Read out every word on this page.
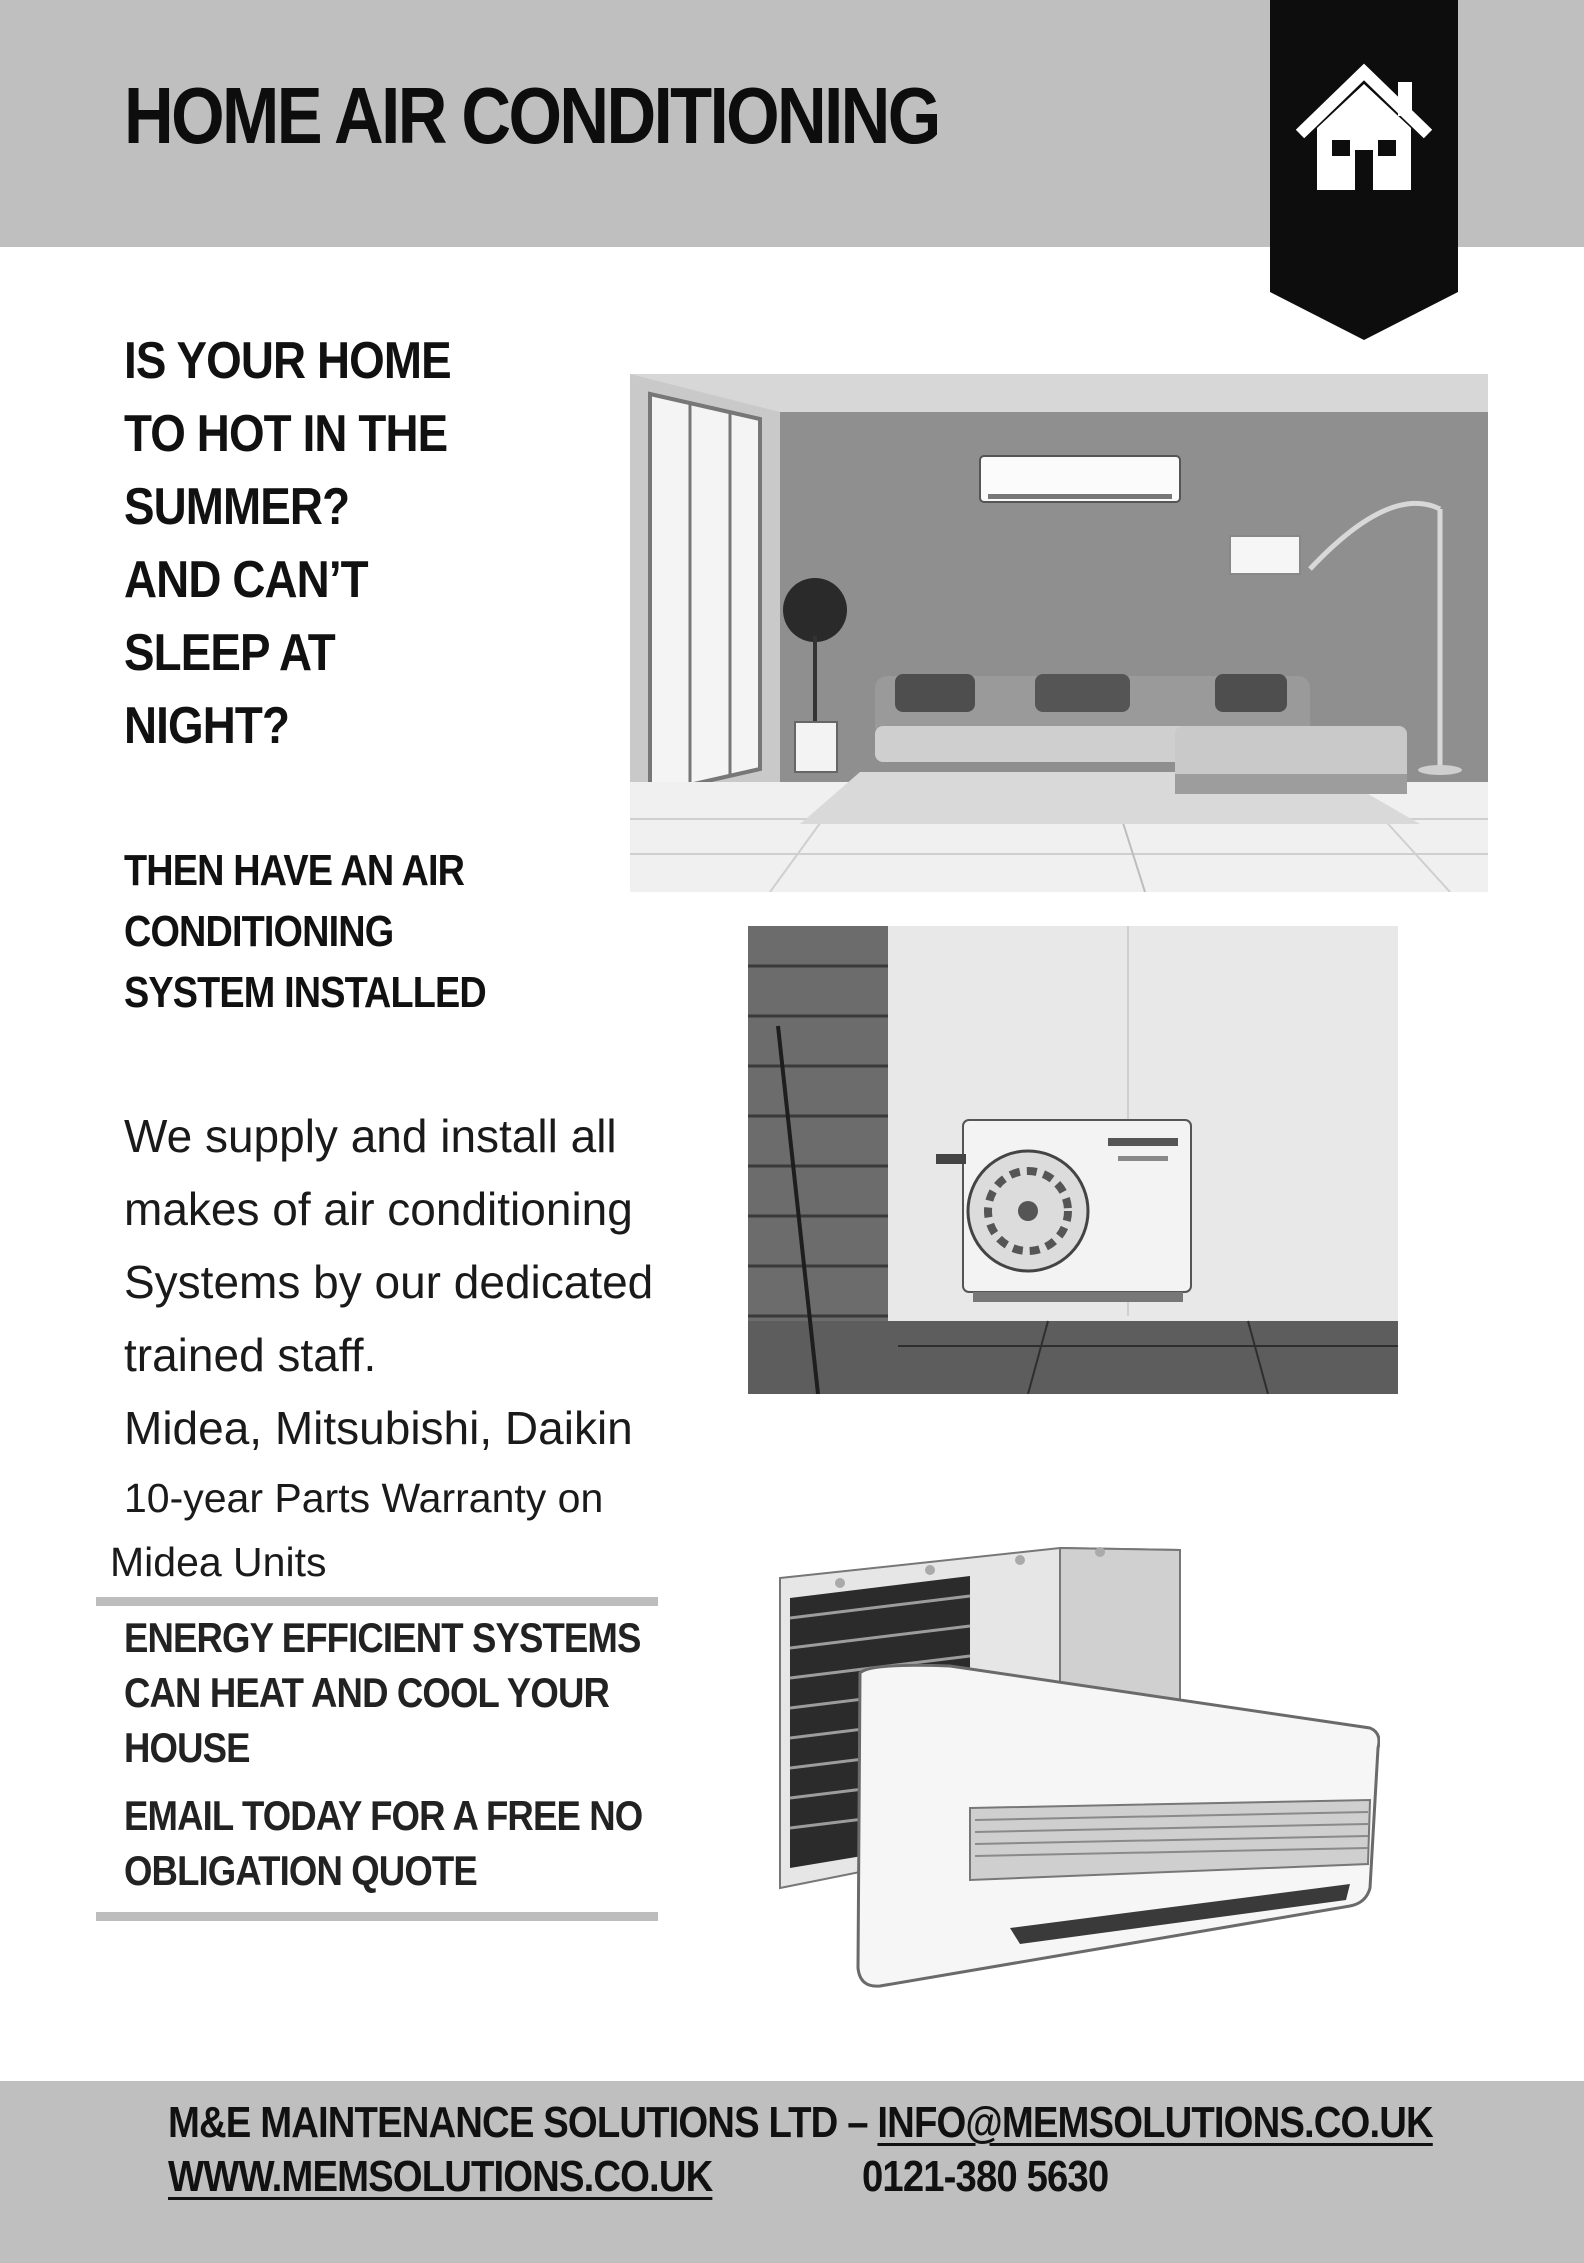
HOME AIR CONDITIONING
IS YOUR HOME
TO HOT IN THE
SUMMER?
AND CAN’T
SLEEP AT
NIGHT?
THEN HAVE AN AIR
CONDITIONING
SYSTEM INSTALLED
We supply and install all
makes of air conditioning
Systems by our dedicated
trained staff.
Midea, Mitsubishi, Daikin
10-year Parts Warranty on
Midea Units
ENERGY EFFICIENT SYSTEMS
CAN HEAT AND COOL YOUR
HOUSE
EMAIL TODAY FOR A FREE NO
OBLIGATION QUOTE
M&E MAINTENANCE SOLUTIONS LTD – INFO@MEMSOLUTIONS.CO.UK
WWW.MEMSOLUTIONS.CO.UK	0121-380 5630
